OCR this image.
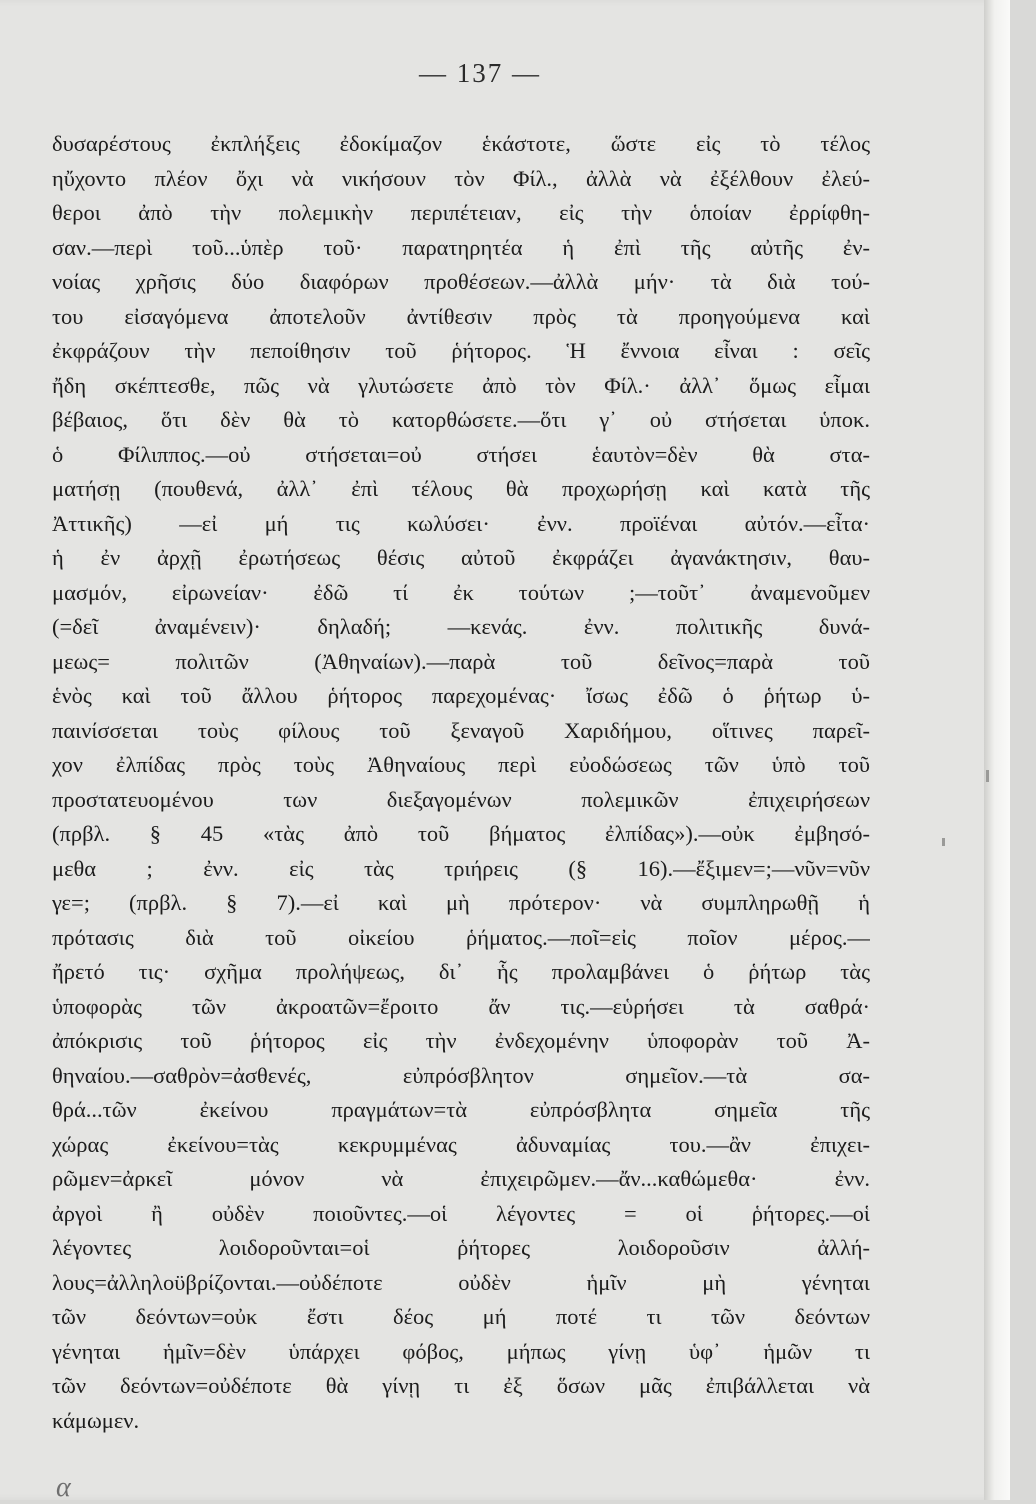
— 137 —
δυσαρέστους ἐκπλήξεις ἐδοκίμαζον ἑκάστοτε, ὥστε εἰς τὸ τέλος
ηὔχοντο πλέον ὄχι νὰ νικήσουν τὸν Φίλ., ἀλλὰ νὰ ἐξέλθουν ἐλεύ-
θεροι ἀπὸ τὴν πολεμικὴν περιπέτειαν, εἰς τὴν ὁποίαν ἐρρίφθη-
σαν.—περὶ τοῦ...ὑπὲρ τοῦ· παρατηρητέα ἡ ἐπὶ τῆς αὐτῆς ἐν-
νοίας χρῆσις δύο διαφόρων προθέσεων.—ἀλλὰ μήν· τὰ διὰ τού-
του εἰσαγόμενα ἀποτελοῦν ἀντίθεσιν πρὸς τὰ προηγούμενα καὶ
ἐκφράζουν τὴν πεποίθησιν τοῦ ῥήτορος. Ἡ ἔννοια εἶναι : σεῖς
ἤδη σκέπτεσθε, πῶς νὰ γλυτώσετε ἀπὸ τὸν Φίλ.· ἀλλ᾽ ὅμως εἶμαι
βέβαιος, ὅτι δὲν θὰ τὸ κατορθώσετε.—ὅτι γ᾽ οὐ στήσεται ὑποκ.
ὁ Φίλιππος.—οὐ στήσεται=οὐ στήσει ἑαυτὸν=δὲν θὰ στα-
ματήσῃ (πουθενά, ἀλλ᾽ ἐπὶ τέλους θὰ προχωρήσῃ καὶ κατὰ τῆς
Ἀττικῆς) —εἰ μή τις κωλύσει· ἐνν. προϊέναι αὐτόν.—εἶτα·
ἡ ἐν ἀρχῇ ἐρωτήσεως θέσις αὐτοῦ ἐκφράζει ἀγανάκτησιν, θαυ-
μασμόν, εἰρωνείαν· ἐδῶ τί ἐκ τούτων ;—τοῦτ᾽ ἀναμενοῦμεν
(=δεῖ ἀναμένειν)· δηλαδή; —κενάς. ἐνν. πολιτικῆς δυνά-
μεως= πολιτῶν (Ἀθηναίων).—παρὰ τοῦ δεῖνος=παρὰ τοῦ
ἑνὸς καὶ τοῦ ἄλλου ῥήτορος παρεχομένας· ἴσως ἐδῶ ὁ ῥήτωρ ὑ-
παινίσσεται τοὺς φίλους τοῦ ξεναγοῦ Χαριδήμου, οἵτινες παρεῖ-
χον ἐλπίδας πρὸς τοὺς Ἀθηναίους περὶ εὐοδώσεως τῶν ὑπὸ τοῦ
προστατευομένου των διεξαγομένων πολεμικῶν ἐπιχειρήσεων
(πρβλ. § 45 «τὰς ἀπὸ τοῦ βήματος ἐλπίδας»).—οὐκ ἐμβησό-
μεθα ; ἐνν. εἰς τὰς τριήρεις (§ 16).—ἔξιμεν=;—νῦν=νῦν
γε=; (πρβλ. § 7).—εἰ καὶ μὴ πρότερον· νὰ συμπληρωθῇ ἡ
πρότασις διὰ τοῦ οἰκείου ῥήματος.—ποῖ=εἰς ποῖον μέρος.—
ἤρετό τις· σχῆμα προλήψεως, δι᾽ ἧς προλαμβάνει ὁ ῥήτωρ τὰς
ὑποφορὰς τῶν ἀκροατῶν=ἔροιτο ἄν τις.—εὑρήσει τὰ σαθρά·
ἀπόκρισις τοῦ ῥήτορος εἰς τὴν ἐνδεχομένην ὑποφορὰν τοῦ Ἀ-
θηναίου.—σαθρὸν=ἀσθενές, εὐπρόσβλητον σημεῖον.—τὰ σα-
θρά...τῶν ἐκείνου πραγμάτων=τὰ εὐπρόσβλητα σημεῖα τῆς
χώρας ἐκείνου=τὰς κεκρυμμένας ἀδυναμίας του.—ἂν ἐπιχει-
ρῶμεν=ἀρκεῖ μόνον νὰ ἐπιχειρῶμεν.—ἄν...καθώμεθα· ἐνν.
ἀργοὶ ἢ οὐδὲν ποιοῦντες.—οἱ λέγοντες = οἱ ῥήτορες.—οἱ
λέγοντες λοιδοροῦνται=οἱ ῥήτορες λοιδοροῦσιν ἀλλή-
λους=ἀλληλοϋβρίζονται.—οὐδέποτε οὐδὲν ἡμῖν μὴ γένηται
τῶν δεόντων=οὐκ ἔστι δέος μή ποτέ τι τῶν δεόντων
γένηται ἡμῖν=δὲν ὑπάρχει φόβος, μήπως γίνῃ ὑφ᾽ ἡμῶν τι
τῶν δεόντων=οὐδέποτε θὰ γίνῃ τι ἐξ ὅσων μᾶς ἐπιβάλλεται νὰ
κάμωμεν.
α
